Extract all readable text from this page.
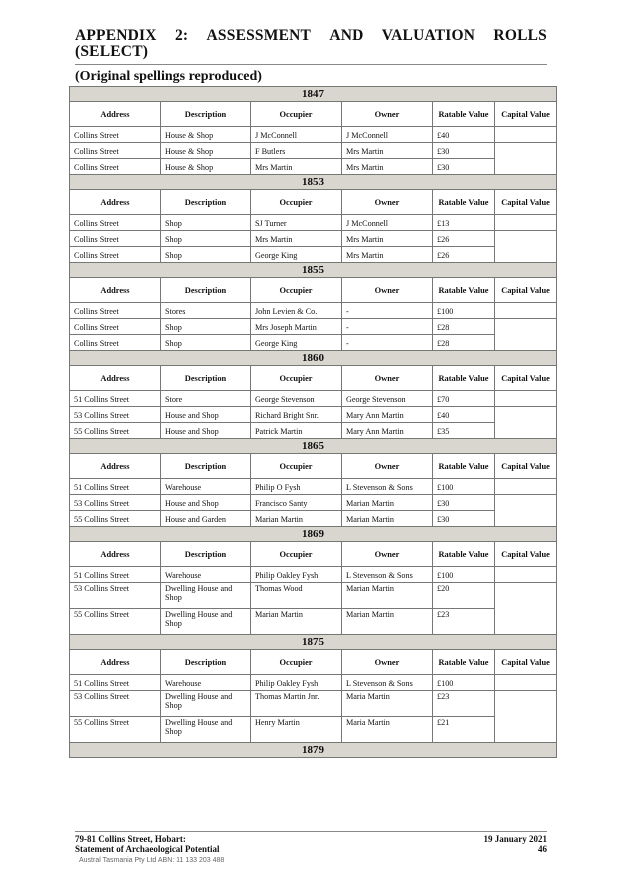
APPENDIX 2: ASSESSMENT AND VALUATION ROLLS
(SELECT)
(Original spellings reproduced)
1847					
Address	Description	Occupier	Owner	Ratable Value	Capital Value
Collins Street	House & Shop	J McConnell	J McConnell	£40	
Collins Street	House & Shop	F Butlers	Mrs Martin	£30	
Collins Street	House & Shop	Mrs Martin	Mrs Martin	£30	
1853					
Address	Description	Occupier	Owner	Ratable Value	Capital Value
Collins Street	Shop	SJ Turner	J McConnell	£13	
Collins Street	Shop	Mrs Martin	Mrs Martin	£26	
Collins Street	Shop	George King	Mrs Martin	£26	
1855					
Address	Description	Occupier	Owner	Ratable Value	Capital Value
Collins Street	Stores	John Levien & Co.	-	£100	
Collins Street	Shop	Mrs Joseph Martin	-	£28	
Collins Street	Shop	George King	-	£28	
1860					
Address	Description	Occupier	Owner	Ratable Value	Capital Value
51 Collins Street	Store	George Stevenson	George Stevenson	£70	
53 Collins Street	House and Shop	Richard Bright Snr.	Mary Ann Martin	£40	
55 Collins Street	House and Shop	Patrick Martin	Mary Ann Martin	£35	
1865					
Address	Description	Occupier	Owner	Ratable Value	Capital Value
51 Collins Street	Warehouse	Philip O Fysh	L Stevenson & Sons	£100	
53 Collins Street	House and Shop	Francisco Santy	Marian Martin	£30	
55 Collins Street	House and Garden	Marian Martin	Marian Martin	£30	
1869					
Address	Description	Occupier	Owner	Ratable Value	Capital Value
51 Collins Street	Warehouse	Philip Oakley Fysh	L Stevenson & Sons	£100	
53 Collins Street	Dwelling House and Shop	Thomas Wood	Marian Martin	£20	
55 Collins Street	Dwelling House and Shop	Marian Martin	Marian Martin	£23	
1875					
Address	Description	Occupier	Owner	Ratable Value	Capital Value
51 Collins Street	Warehouse	Philip Oakley Fysh	L Stevenson & Sons	£100	
53 Collins Street	Dwelling House and Shop	Thomas Martin Jnr.	Maria Martin	£23	
55 Collins Street	Dwelling House and Shop	Henry Martin	Maria Martin	£21	
1879					
79-81 Collins Street, Hobart:
Statement of Archaeological Potential
19 January 2021
46
Austral Tasmania Pty Ltd ABN: 11 133 203 488
